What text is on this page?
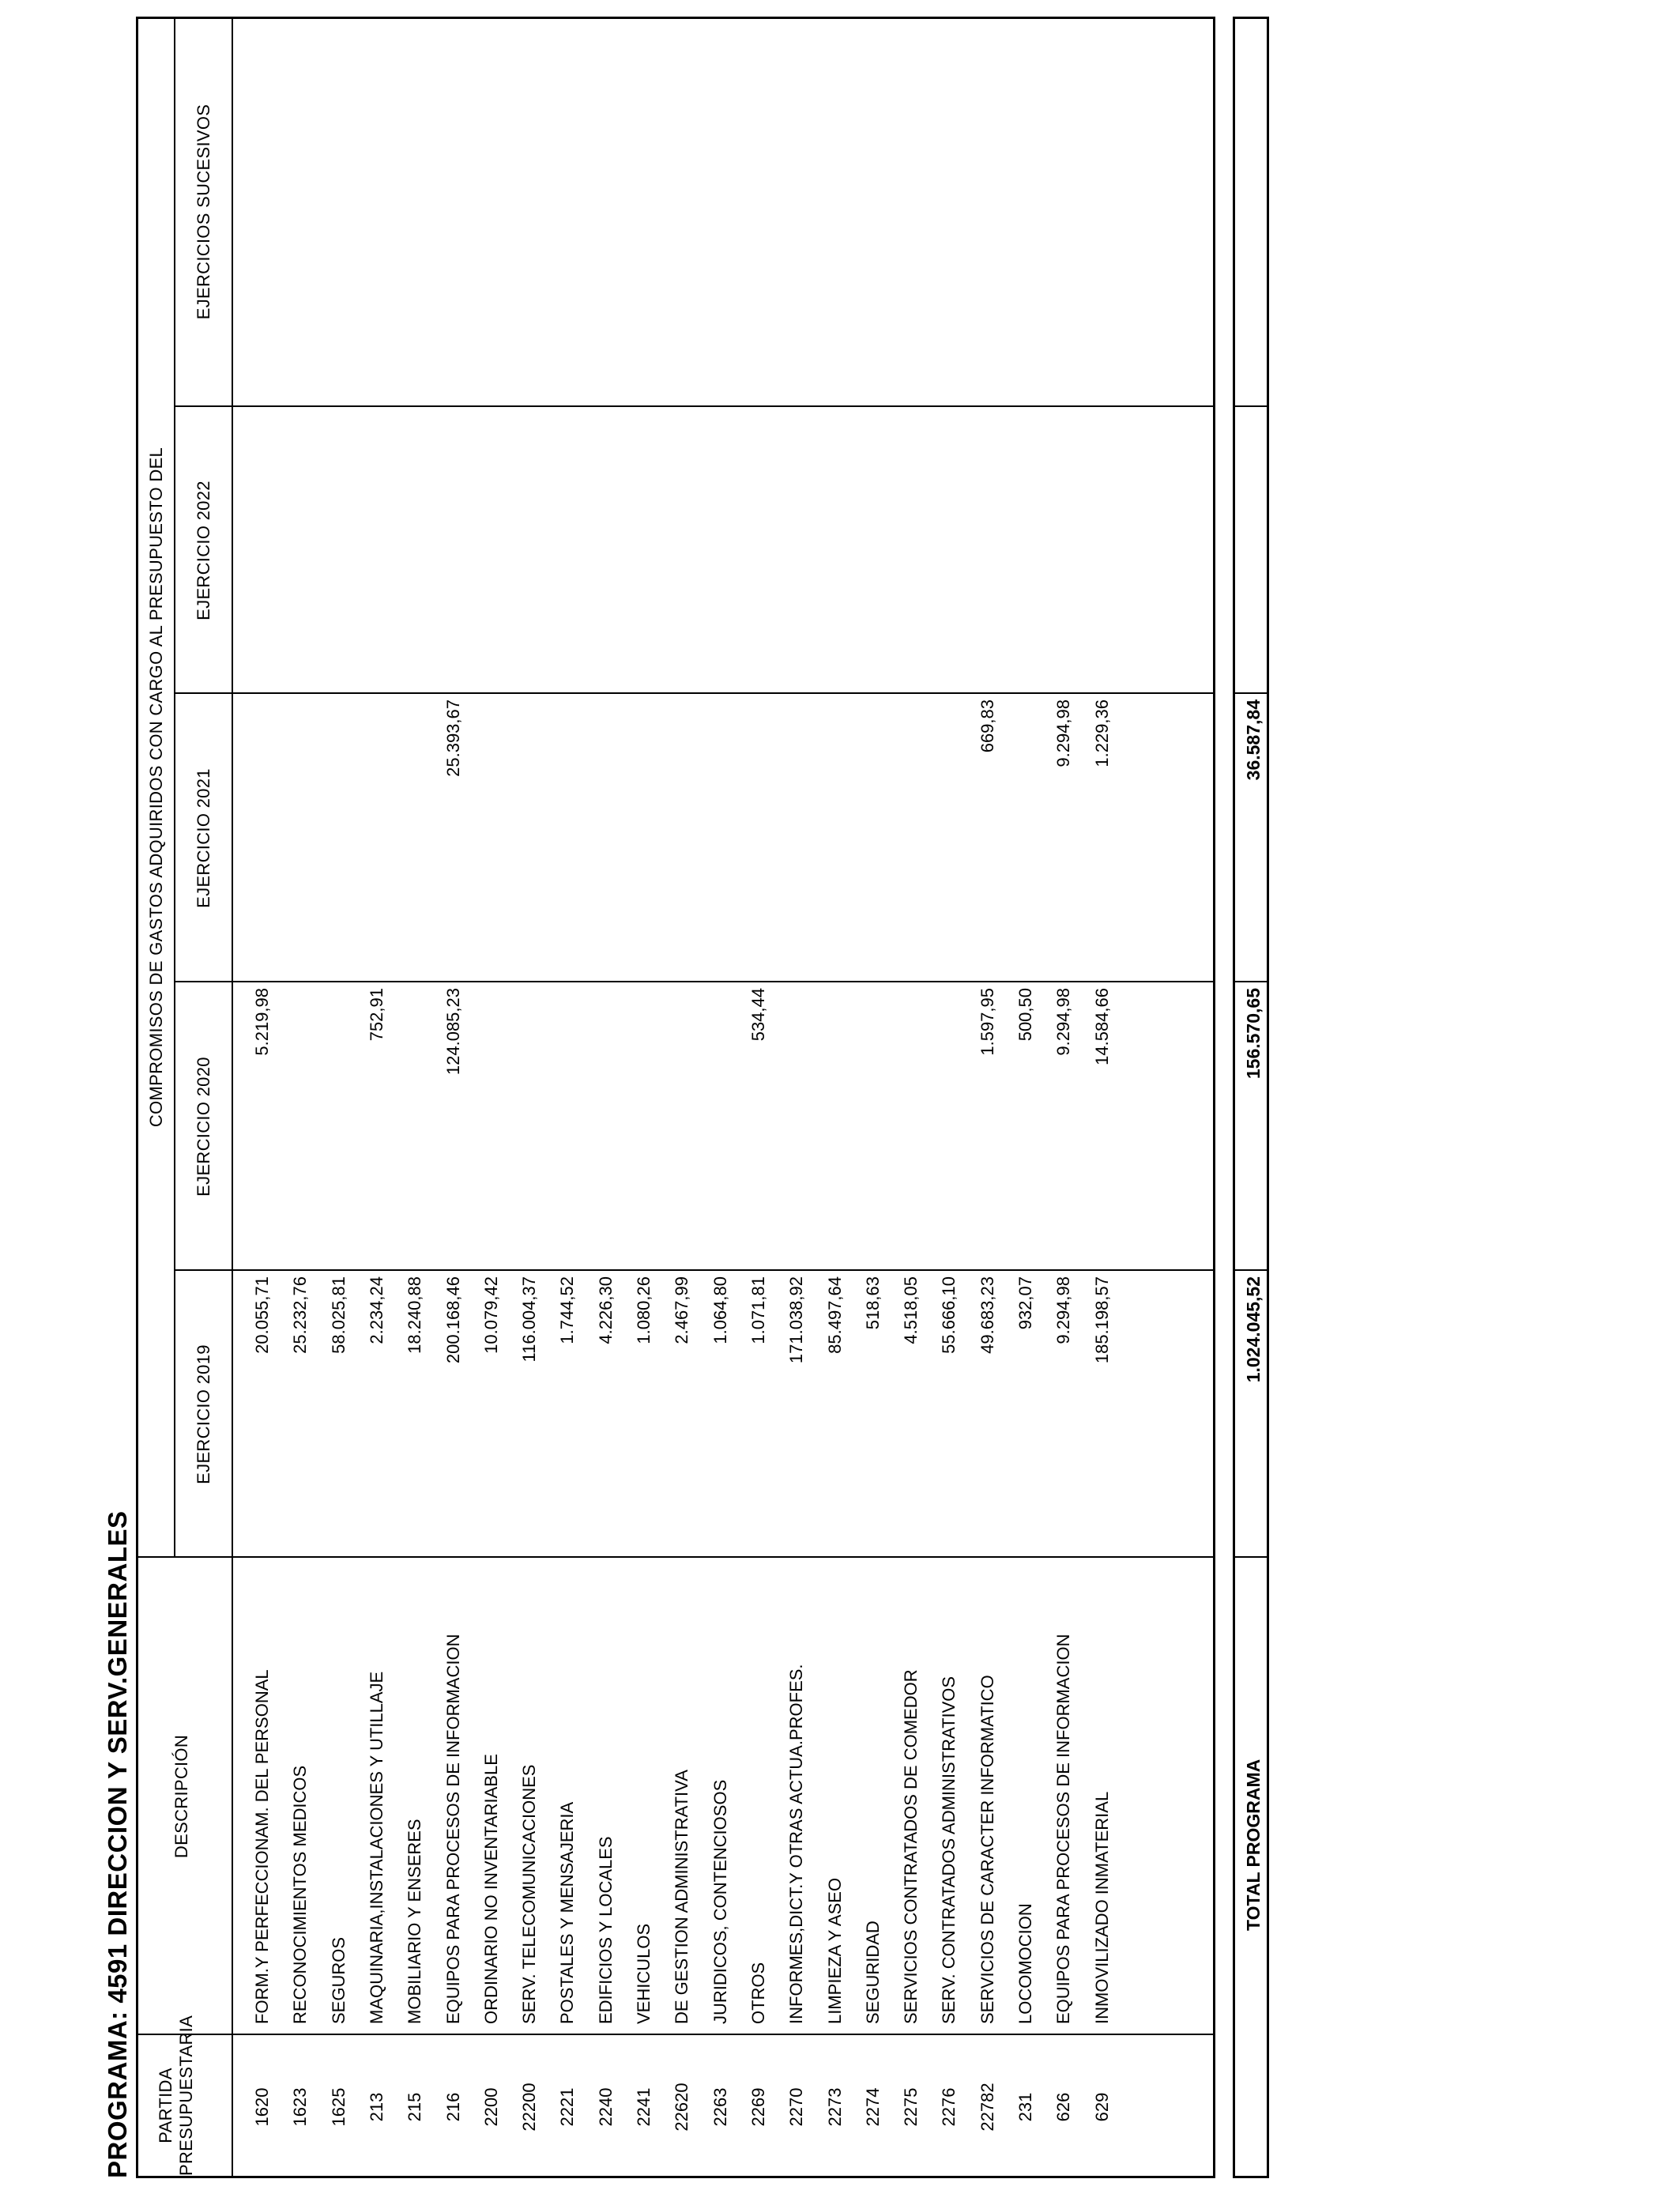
PROGRAMA: 4591 DIRECCION Y SERV.GENERALES PARTIDA PRESUPUESTARIA
DESCRIPCIÓN
COMPROMISOS DE GASTOS ADQUIRIDOS CON CARGO AL PRESUPUESTO DEL
EJERCICIO 2019
EJERCICIO 2020
EJERCICIO 2021
EJERCICIO 2022
EJERCICIOS SUCESIVOS
1620
FORM.Y PERFECCIONAM. DEL PERSONAL
20.055,71
5.219,98
1623
RECONOCIMIENTOS MEDICOS
25.232,76
1625
SEGUROS
58.025,81
213
MAQUINARIA,INSTALACIONES Y UTILLAJE
2.234,24
752,91
215
MOBILIARIO Y ENSERES
18.240,88
216
EQUIPOS PARA PROCESOS DE INFORMACION
200.168,46
124.085,23
25.393,67
2200
ORDINARIO NO INVENTARIABLE
10.079,42
22200
SERV. TELECOMUNICACIONES
116.004,37
2221
POSTALES Y MENSAJERIA
1.744,52
2240
EDIFICIOS Y LOCALES
4.226,30
2241
VEHICULOS
1.080,26
22620
DE GESTION ADMINISTRATIVA
2.467,99
2263
JURIDICOS, CONTENCIOSOS
1.064,80
2269
OTROS
1.071,81
534,44
2270
INFORMES,DICT.Y OTRAS ACTUA.PROFES.
171.038,92
2273
LIMPIEZA Y ASEO
85.497,64
2274
SEGURIDAD
518,63
2275
SERVICIOS CONTRATADOS DE COMEDOR
4.518,05
2276
SERV. CONTRATADOS ADMINISTRATIVOS
55.666,10
22782
SERVICIOS DE CARACTER INFORMATICO
49.683,23
1.597,95
669,83
231
LOCOMOCION
932,07
500,50
626
EQUIPOS PARA PROCESOS DE INFORMACION
9.294,98
9.294,98
9.294,98
629
INMOVILIZADO INMATERIAL
185.198,57
14.584,66
1.229,36
TOTAL PROGRAMA
1.024.045,52
156.570,65
36.587,84
